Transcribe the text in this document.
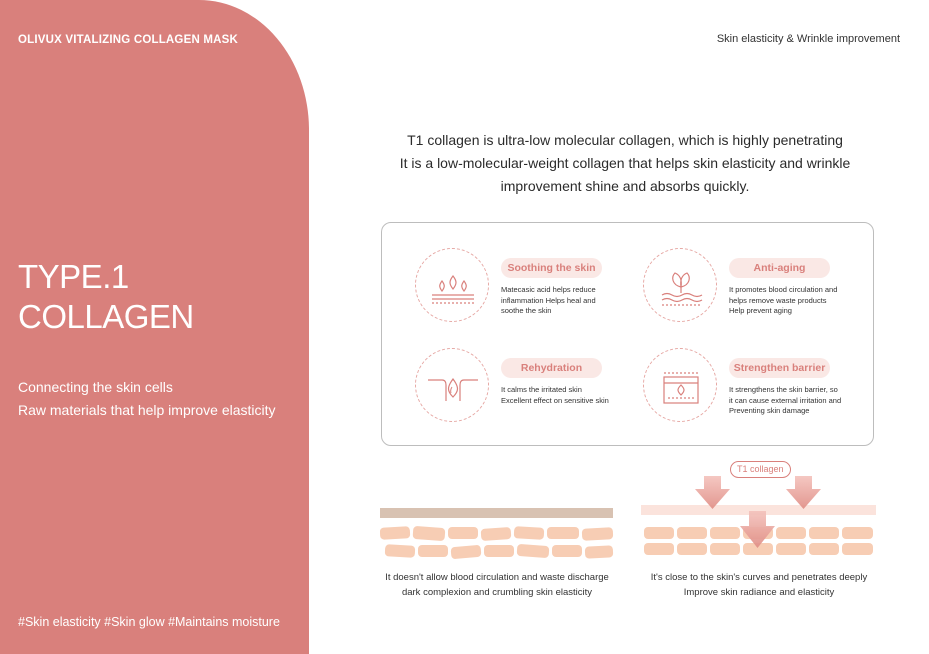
OLIVUX VITALIZING COLLAGEN MASK
TYPE.1
COLLAGEN
Connecting the skin cells
Raw materials that help improve elasticity
#Skin elasticity #Skin glow #Maintains moisture
Skin elasticity & Wrinkle improvement
T1 collagen is ultra-low molecular collagen, which is highly penetrating
It is a low-molecular-weight collagen that helps skin elasticity and wrinkle
improvement shine and absorbs quickly.
Soothing the skin
Matecasic acid helps reduce
inflammation Helps heal and
soothe the skin
Anti-aging
It promotes blood circulation and
helps remove waste products
Help prevent aging
Rehydration
It calms the irritated skin
Excellent effect on sensitive skin
Strengthen barrier
It strengthens the skin barrier, so
it can cause external irritation and
Preventing skin damage
T1 collagen
It doesn't allow blood circulation and waste discharge
dark complexion and crumbling skin elasticity
It's close to the skin's curves and penetrates deeply
Improve skin radiance and elasticity
